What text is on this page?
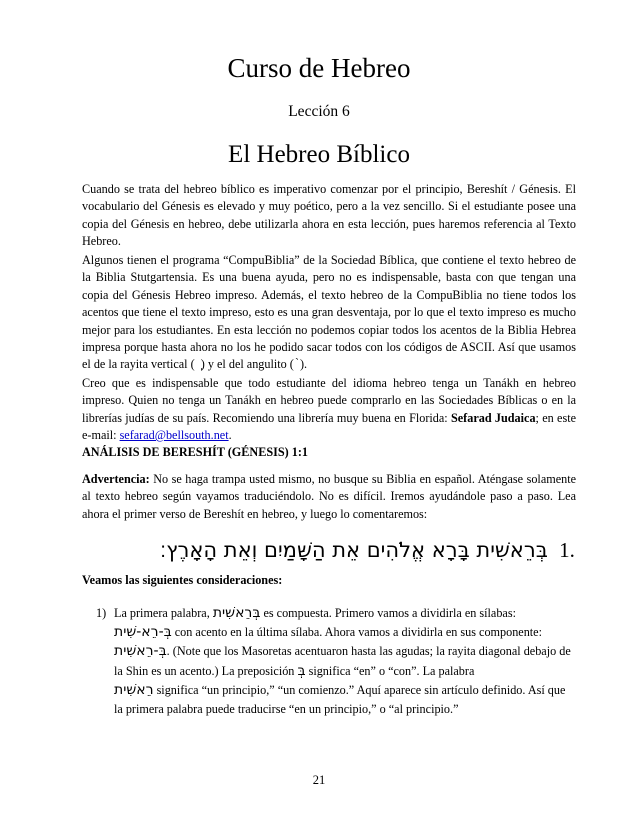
Curso de Hebreo
Lección 6
El Hebreo Bíblico

Cuando se trata del hebreo bíblico es imperativo comenzar por el principio, Bereshít / Génesis. El vocabulario del Génesis es elevado y muy poético, pero a la vez sencillo. Si el estudiante posee una copia del Génesis en hebreo, debe utilizarla ahora en esta lección, pues haremos referencia al Texto Hebreo.

Algunos tienen el programa “CompuBiblia” de la Sociedad Bíblica, que contiene el texto hebreo de la Biblia Stutgartensia. Es una buena ayuda, pero no es indispensable, basta con que tengan una copia del Génesis Hebreo impreso. Además, el texto hebreo de la CompuBiblia no tiene todos los acentos que tiene el texto impreso, esto es una gran desventaja, por lo que el texto impreso es mucho mejor para los estudiantes. En esta lección no podemos copiar todos los acentos de la Biblia Hebrea impresa porque hasta ahora no los he podido sacar todos con los códigos de ASCII. Así que usamos el de la rayita vertical ( ) y el del angulito ( ).

Creo que es indispensable que todo estudiante del idioma hebreo tenga un Tanákh en hebreo impreso. Quien no tenga un Tanákh en hebreo puede comprarlo en las Sociedades Bíblicas o en la librerías judías de su país. Recomiendo una librería muy buena en Florida: Sefarad Judaica; en este e-mail: sefarad@bellsouth.net.

ANÁLISIS DE BERESHÍT (GÉNESIS) 1:1

Advertencia: No se haga trampa usted mismo, no busque su Biblia en español. Aténgase solamente al texto hebreo según vayamos traduciéndolo. No es difícil. Iremos ayudándole paso a paso. Lea ahora el primer verso de Bereshít en hebreo, y luego lo comentaremos:

בְּרֵאשִׁית בָּרָא אֱלֹהִים אֵת הַשָּׁמַיִם וְאֵת הָאָרֶץ׃ 1.

Veamos las siguientes consideraciones:

1) La primera palabra, בְּרֵאשִׁית es compuesta. Primero vamos a dividirla en sílabas:
בְּ-רֵא-שִׁית con acento en la última sílaba. Ahora vamos a dividirla en sus componente:
בְּ-רֵאשִׁית. (Note que los Masoretas acentuaron hasta las agudas; la rayita diagonal debajo de la Shin es un acento.) La preposición בְּ significa “en” o “con”. La palabra
רֵאשִׁית significa “un principio,” “un comienzo.” Aquí aparece sin artículo definido. Así que la primera palabra puede traducirse “en un principio,” o “al principio.”
21
